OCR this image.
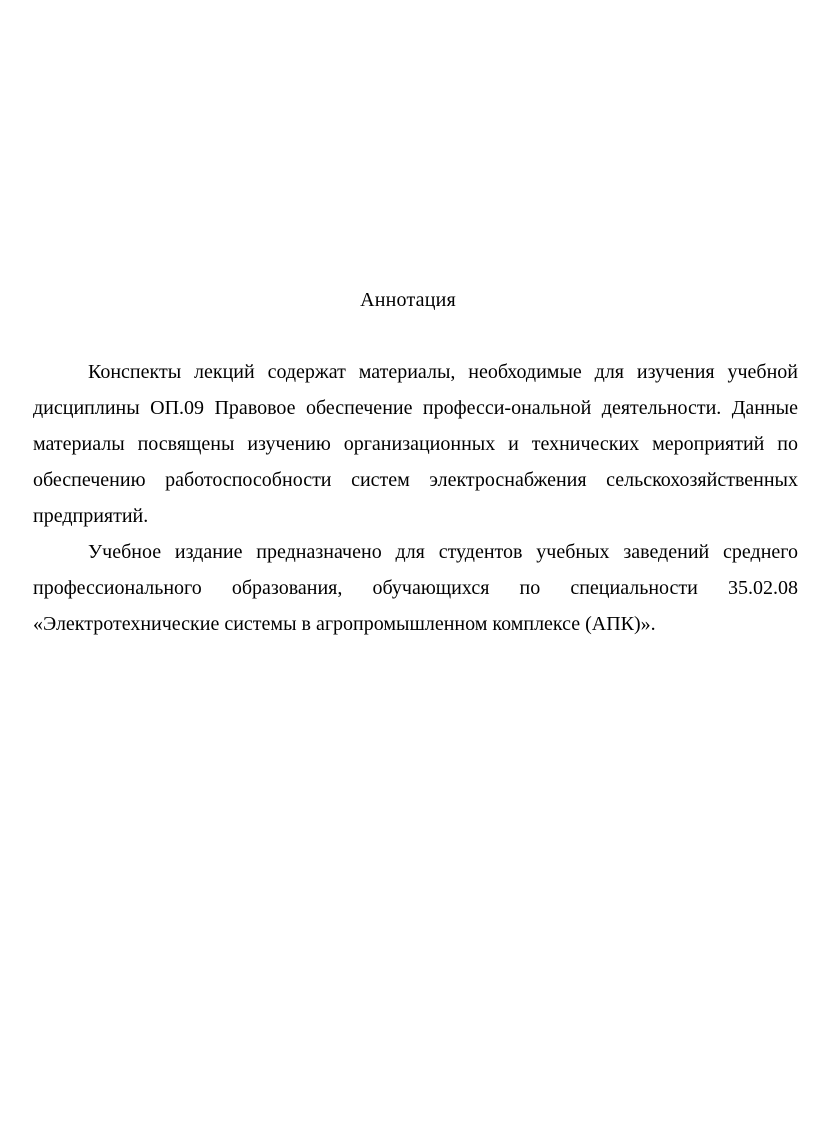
Аннотация

Конспекты лекций содержат материалы, необходимые для изучения учебной дисциплины ОП.09 Правовое обеспечение професси-ональной деятельности. Данные материалы посвящены изучению организационных и технических мероприятий по обеспечению работоспособности систем электроснабжения сельскохозяйственных предприятий.

Учебное издание предназначено для студентов учебных заведений среднего профессионального образования, обучающихся по специальности 35.02.08 «Электротехнические системы в агропромышленном комплексе (АПК)».
